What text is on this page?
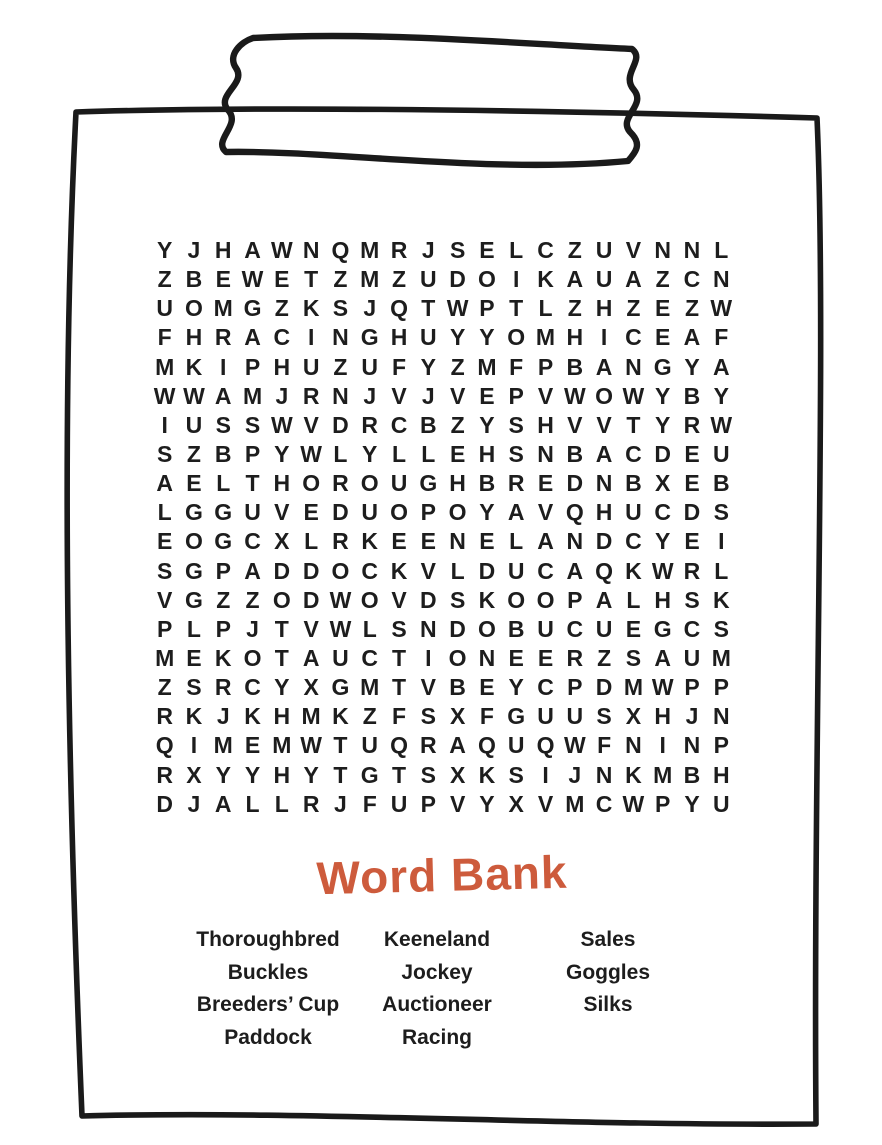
Y J H A W N Q M R J S E L C Z U V N N L
Z B E W E T Z M Z U D O I K A U A Z C N
U O M G Z K S J Q T W P T L Z H Z E Z W
F H R A C I N G H U Y Y O M H I C E A F
M K I P H U Z U F Y Z M F P B A N G Y A
W W A M J R N J V J V E P V W O W Y B Y
I U S S W V D R C B Z Y S H V V T Y R W
S Z B P Y W L Y L L E H S N B A C D E U
A E L T H O R O U G H B R E D N B X E B
L G G U V E D U O P O Y A V Q H U C D S
E O G C X L R K E E N E L A N D C Y E I
S G P A D D O C K V L D U C A Q K W R L
V G Z Z O D W O V D S K O O P A L H S K
P L P J T V W L S N D O B U C U E G C S
M E K O T A U C T I O N E E R Z S A U M
Z S R C Y X G M T V B E Y C P D M W P P
R K J K H M K Z F S X F G U U S X H J N
Q I M E M W T U Q R A Q U Q W F N I N P
R X Y Y H Y T G T S X K S I J N K M B H
D J A L L R J F U P V Y X V M C W P Y U
Word Bank
Thoroughbred
Buckles
Breeders’ Cup
Paddock
Keeneland
Jockey
Auctioneer
Racing
Sales
Goggles
Silks
